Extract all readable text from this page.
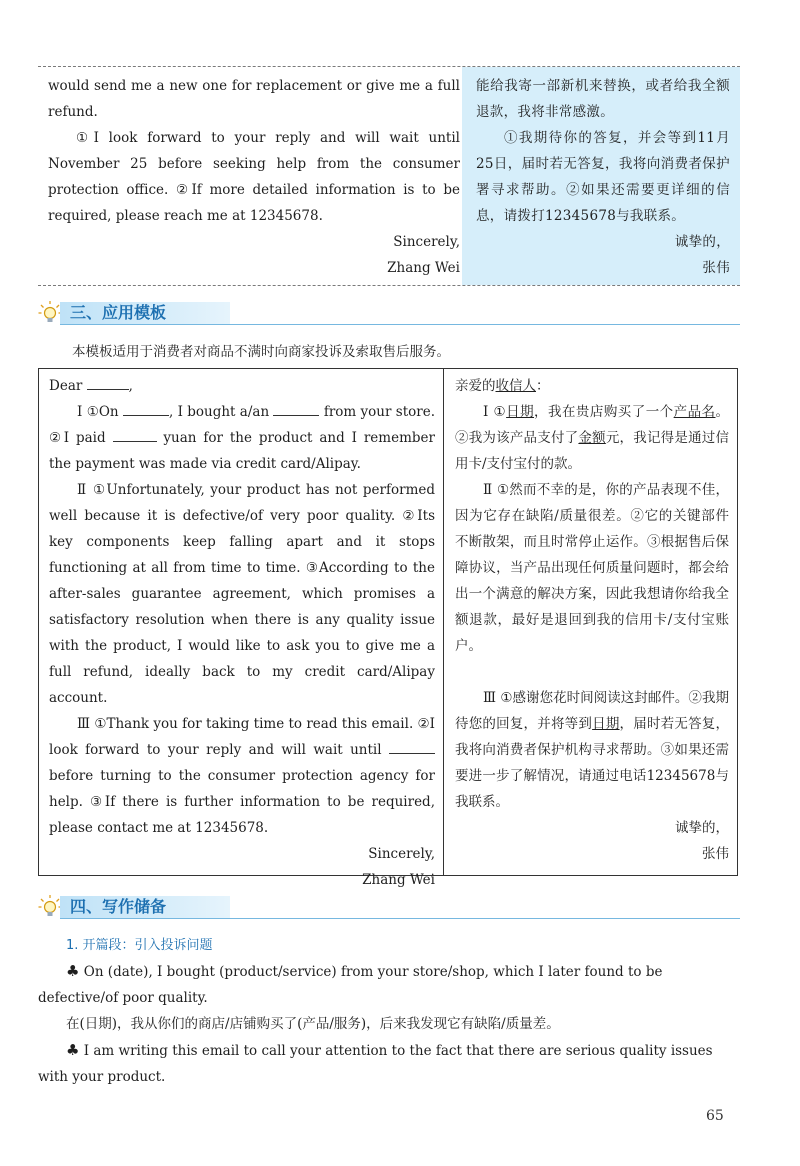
would send me a new one for replacement or give me a full refund.

①I look forward to your reply and will wait until November 25 before seeking help from the consumer protection office. ②If more detailed information is to be required, please reach me at 12345678.

Sincerely,

Zhang Wei

能给我寄一部新机来替换，或者给我全额退款，我将非常感激。

①我期待你的答复，并会等到11月25日，届时若无答复，我将向消费者保护署寻求帮助。②如果还需要更详细的信息，请拨打12345678与我联系。

诚挚的，

张伟

三、应用模板
本模板适用于消费者对商品不满时向商家投诉及索取售后服务。

Dear	,

Ⅰ ①On	, I bought a/an	from your store. ②I paid	yuan for the product and I remember the payment was made via credit card/Alipay.

Ⅱ ①Unfortunately, your product has not performed well because it is defective/of very poor quality. ②Its key components keep falling apart and it stops functioning at all from time to time. ③According to the after-sales guarantee agreement, which promises a satisfactory resolution when there is any quality issue with the product, I would like to ask you to give me a full refund, ideally back to my credit card/Alipay account.

Ⅲ ①Thank you for taking time to read this email. ②I look forward to your reply and will wait until  before turning to the consumer protection agency for help. ③If there is further information to be required, please contact me at 12345678.

Sincerely,

Zhang Wei

亲爱的收信人：

Ⅰ ①日期，我在贵店购买了一个产品名。②我为该产品支付了金额元，我记得是通过信用卡/支付宝付的款。

Ⅱ ①然而不幸的是，你的产品表现不佳，因为它存在缺陷/质量很差。②它的关键部件不断散架，而且时常停止运作。③根据售后保障协议，当产品出现任何质量问题时，都会给出一个满意的解决方案，因此我想请你给我全额退款，最好是退回到我的信用卡/支付宝账户。

Ⅲ ①感谢您花时间阅读这封邮件。②我期待您的回复，并将等到日期，届时若无答复，我将向消费者保护机构寻求帮助。③如果还需要进一步了解情况，请通过电话12345678与我联系。

诚挚的，

张伟

四、写作储备
1. 开篇段：引入投诉问题

♣ On (date), I bought (product/service) from your store/shop, which I later found to be defective/of poor quality.

在(日期)，我从你们的商店/店铺购买了(产品/服务)，后来我发现它有缺陷/质量差。

♣ I am writing this email to call your attention to the fact that there are serious quality issues with your product.

65
